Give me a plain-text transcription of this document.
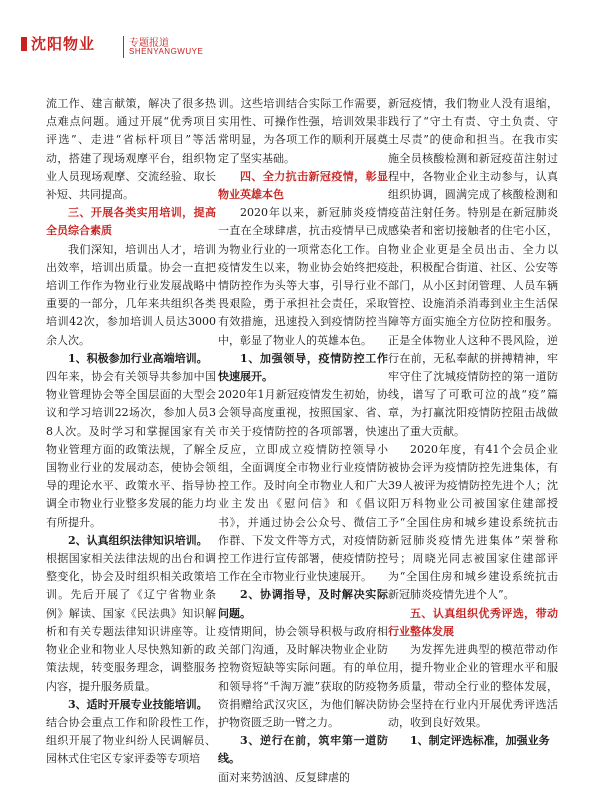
沈阳物业	专题报道
SHENYANGWUYE

流工作、建言献策，解决了很多热点难点问题。通过开展“优秀项目评选”、走进“省标杆项目”等活动，搭建了现场观摩平台，组织物业人员现场观摩、交流经验、取长补短、共同提高。

三、开展各类实用培训，提高全员综合素质

我们深知，培训出人才，培训出效率，培训出质量。协会一直把培训工作作为物业行业发展战略中重要的一部分，几年来共组织各类培训42次，参加培训人员达3000余人次。

1、积极参加行业高端培训。

四年来，协会有关领导共参加中国物业管理协会等全国层面的大型会议和学习培训22场次，参加人员38人次。及时学习和掌握国家有关物业管理方面的政策法规，了解全国物业行业的发展动态，使协会领导的理论水平、政策水平、指导协调全市物业行业整多发展的能力均有所提升。

2、认真组织法律知识培训。

根据国家相关法律法规的出台和调整变化，协会及时组织相关政策培训。先后开展了《辽宁省物业条例》解读、国家《民法典》知识解析和有关专题法律知识讲座等。让物业企业和物业人尽快熟知新的政策法规，转变服务理念，调整服务内容，提升服务质量。

3、适时开展专业技能培训。

结合协会重点工作和阶段性工作，组织开展了物业纠纷人民调解员、园林式住宅区专家评委等专项培

训。这些培训结合实际工作需要，实用性、可操作性强，培训效果非常明显，为各项工作的顺利开展奠定了坚实基础。

四、全力抗击新冠疫情，彰显物业英雄本色

2020年以来，新冠肺炎疫情一直在全球肆虐，抗击疫情早已成为物业行业的一项常态化工作。自疫情发生以来，物业协会始终把疫情防控作为头等大事，引导行业不畏艰险，勇于承担社会责任，采取有效措施，迅速投入到疫情防控当中，彰显了物业人的英雄本色。

1、加强领导，疫情防控工作快速展开。

2020年1月新冠疫情发生初始，协会领导高度重视，按照国家、省、市关于疫情防控的各项部署，快速反应，立即成立疫情防控领导小组，全面调度全市物业行业疫情防控工作。及时向全市物业人和广大业主发出《慰问信》和《倡议书》，并通过协会公众号、微信工作群、下发文件等方式，对疫情防控工作进行宣传部署，使疫情防控工作在全市物业行业快速展开。

2、协调指导，及时解决实际问题。

疫情期间，协会领导积极与政府相关部门沟通，及时解决物业企业防控物资短缺等实际问题。有的单位和领导将“千淘万漉”获取的防疫物资捐赠给武汉灾区，为他们解决防护物资匮乏助一臂之力。

3、逆行在前，筑牢第一道防线。

面对来势汹汹、反复肆虐的

新冠疫情，我们物业人没有退缩，践行了“守土有责、守土负责、守土尽责”的使命和担当。在我市实施全员核酸检测和新冠疫苗注射过程中，各物业企业主动参与，认真组织协调，圆满完成了核酸检测和疫苗注射任务。特别是在新冠肺炎感染者和密切接触者的住宅小区，物业企业更是全员出击、全力以赴，积极配合街道、社区、公安等部门，从小区封闭管理、人员车辆管控、设施消杀消毒到业主生活保障等方面实施全方位防控和服务。正是全体物业人这种不畏风险，逆行在前，无私奉献的拼搏精神，牢牢守住了沈城疫情防控的第一道防线，谱写了可歌可泣的战“疫”篇章，为打赢沈阳疫情防控阻击战做出了重大贡献。

2020年度，有41个会员企业被协会评为疫情防控先进集体，有39人被评为疫情防控先进个人；沈阳万科物业公司被国家住建部授予“全国住房和城乡建设系统抗击新冠肺炎疫情先进集体”荣誉称号；周晓光同志被国家住建部评为“全国住房和城乡建设系统抗击新冠肺炎疫情先进个人”。

五、认真组织优秀评选，带动行业整体发展

为发挥先进典型的模范带动作用，提升物业企业的管理水平和服务质量，带动全行业的整体发展，协会坚持在行业内开展优秀评选活动，收到良好效果。

1、制定评选标准，加强业务
